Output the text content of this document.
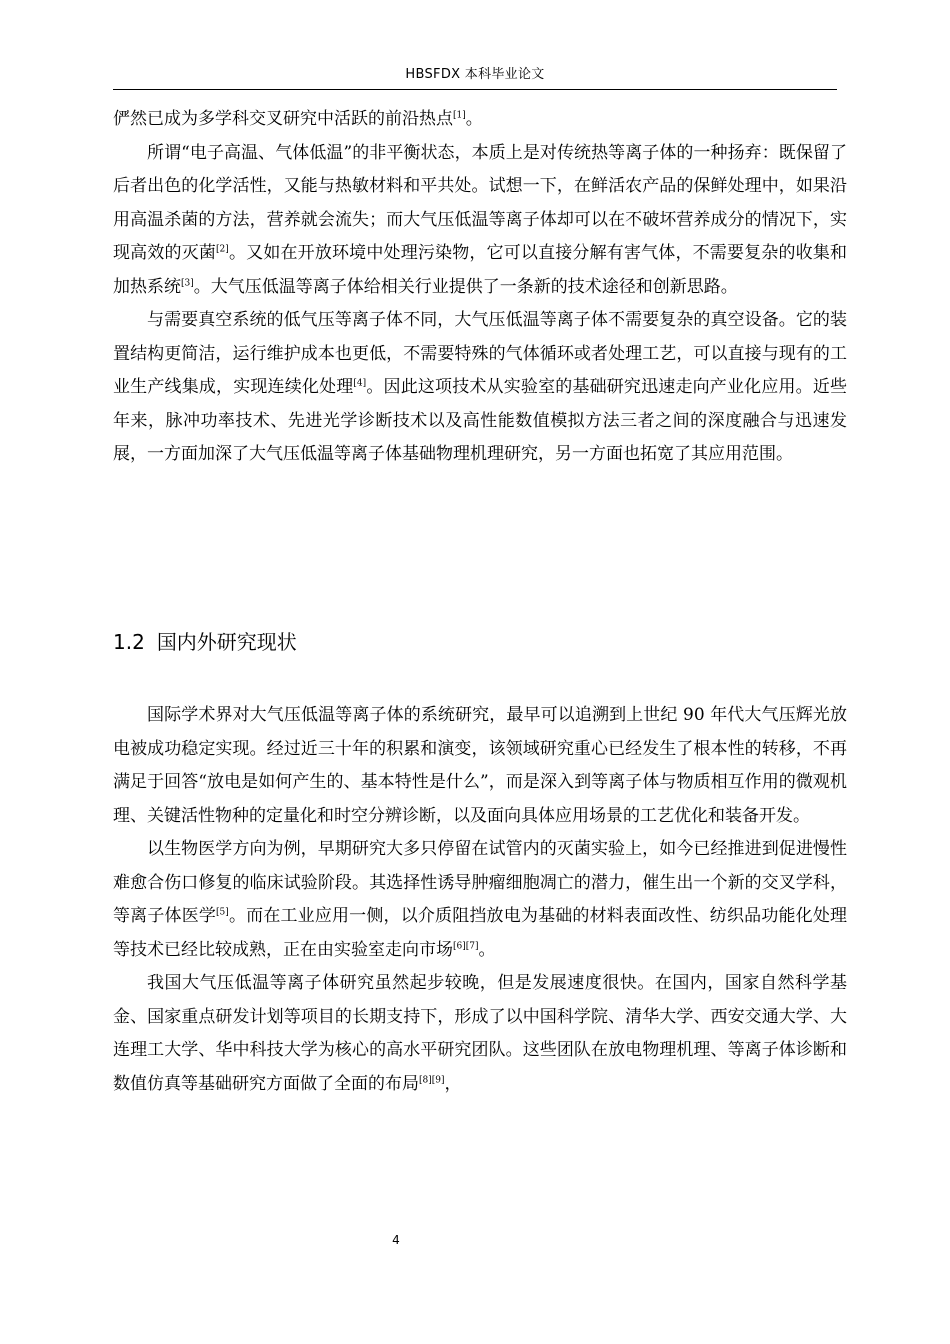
HBSFDX 本科毕业论文

俨然已成为多学科交叉研究中活跃的前沿热点[1]。

所谓“电子高温、气体低温”的非平衡状态，本质上是对传统热等离子体的一种扬弃：既保留了后者出色的化学活性，又能与热敏材料和平共处。试想一下，在鲜活农产品的保鲜处理中，如果沿用高温杀菌的方法，营养就会流失；而大气压低温等离子体却可以在不破坏营养成分的情况下，实现高效的灭菌[2]。又如在开放环境中处理污染物，它可以直接分解有害气体，不需要复杂的收集和加热系统[3]。大气压低温等离子体给相关行业提供了一条新的技术途径和创新思路。

与需要真空系统的低气压等离子体不同，大气压低温等离子体不需要复杂的真空设备。它的装置结构更简洁，运行维护成本也更低，不需要特殊的气体循环或者处理工艺，可以直接与现有的工业生产线集成，实现连续化处理[4]。因此这项技术从实验室的基础研究迅速走向产业化应用。近些年来，脉冲功率技术、先进光学诊断技术以及高性能数值模拟方法三者之间的深度融合与迅速发展，一方面加深了大气压低温等离子体基础物理机理研究，另一方面也拓宽了其应用范围。

1.2 国内外研究现状

国际学术界对大气压低温等离子体的系统研究，最早可以追溯到上世纪 90 年代大气压辉光放电被成功稳定实现。经过近三十年的积累和演变，该领域研究重心已经发生了根本性的转移，不再满足于回答“放电是如何产生的、基本特性是什么”，而是深入到等离子体与物质相互作用的微观机理、关键活性物种的定量化和时空分辨诊断，以及面向具体应用场景的工艺优化和装备开发。

以生物医学方向为例，早期研究大多只停留在试管内的灭菌实验上，如今已经推进到促进慢性难愈合伤口修复的临床试验阶段。其选择性诱导肿瘤细胞凋亡的潜力，催生出一个新的交叉学科，等离子体医学[5]。而在工业应用一侧，以介质阻挡放电为基础的材料表面改性、纺织品功能化处理等技术已经比较成熟，正在由实验室走向市场[6][7]。

我国大气压低温等离子体研究虽然起步较晚，但是发展速度很快。在国内，国家自然科学基金、国家重点研发计划等项目的长期支持下，形成了以中国科学院、清华大学、西安交通大学、大连理工大学、华中科技大学为核心的高水平研究团队。这些团队在放电物理机理、等离子体诊断和数值仿真等基础研究方面做了全面的布局[8][9]，

4
